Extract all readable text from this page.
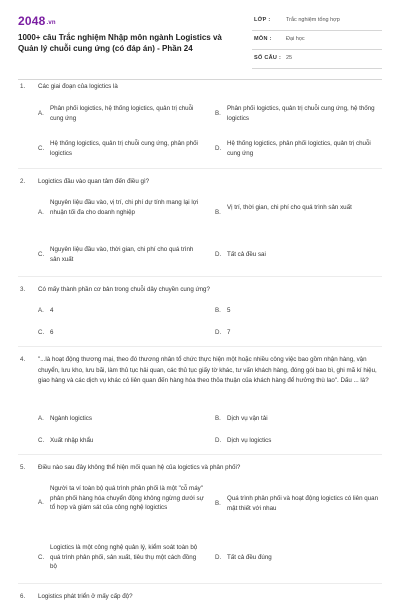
2048.vn
1000+ câu Trắc nghiệm Nhập môn ngành Logistics và Quản lý chuỗi cung ứng (có đáp án) - Phần 24
LỚP :	Trắc nghiệm tổng hợp
MÔN :	Đại học
SỐ CÂU : 25
1. Các giai đoạn của logictics là
A.
Phân phối logictics, hệ thống logictics, quản trị chuỗi cung ứng
B.
Phân phối logictics, quản trị chuỗi cung ứng, hệ thống logictics
C.
Hệ thống logictics, quản trị chuỗi cung ứng, phân phối logictics
D.
Hệ thống logictics, phân phối logictics, quản trị chuỗi cung ứng
2. Logictics đầu vào quan tâm đến điều gì?
A.
Nguyên liệu đầu vào, vị trí, chi phí dự tính mang lại lợi nhuận tối đa cho doanh nghiệp	B.
Vị trí, thời gian, chi phí cho quá trình sản xuất
C.
Nguyên liệu đầu vào, thời gian, chi phí cho quá trình sản xuất
D. Tất cả đều sai
3. Có mấy thành phần cơ bản trong chuỗi dây chuyền cung ứng?
A. 4	B. 5
C. 6	D. 7
4. "...là hoạt động thương mại, theo đó thương nhân tổ chức thực hiện một hoặc nhiều công việc bao gồm nhận hàng, vận chuyển, lưu kho, lưu bãi, làm thủ tục hải quan, các thủ tục giấy tờ khác, tư vấn khách hàng, đóng gói bao bì, ghi mã kí hiệu, giao hàng và các dịch vụ khác có liên quan đến hàng hóa theo thỏa thuận của khách hàng để hưởng thù lao". Dấu ... là?
A. Ngành logictics	B. Dịch vụ vận tải
C. Xuất nhập khẩu	D. Dịch vụ logictics
5. Điều nào sau đây không thể hiện mối quan hệ của logictics và phân phối?
A.
Người ta ví toàn bộ quá trình phân phối là một "cỗ máy" phân phối hàng hóa chuyển động không ngừng dưới sự tổ hợp và giám sát của công nghệ logictics
B.
Quá trình phân phối và hoạt động logictics có liên quan mật thiết với nhau
C.
Logictics là một công nghệ quản lý, kiểm soát toàn bộ quá trình phân phối, sản xuất, tiêu thụ một cách đồng bộ
D. Tất cả đều đúng
6. Logistics phát triển ở mấy cấp độ?
